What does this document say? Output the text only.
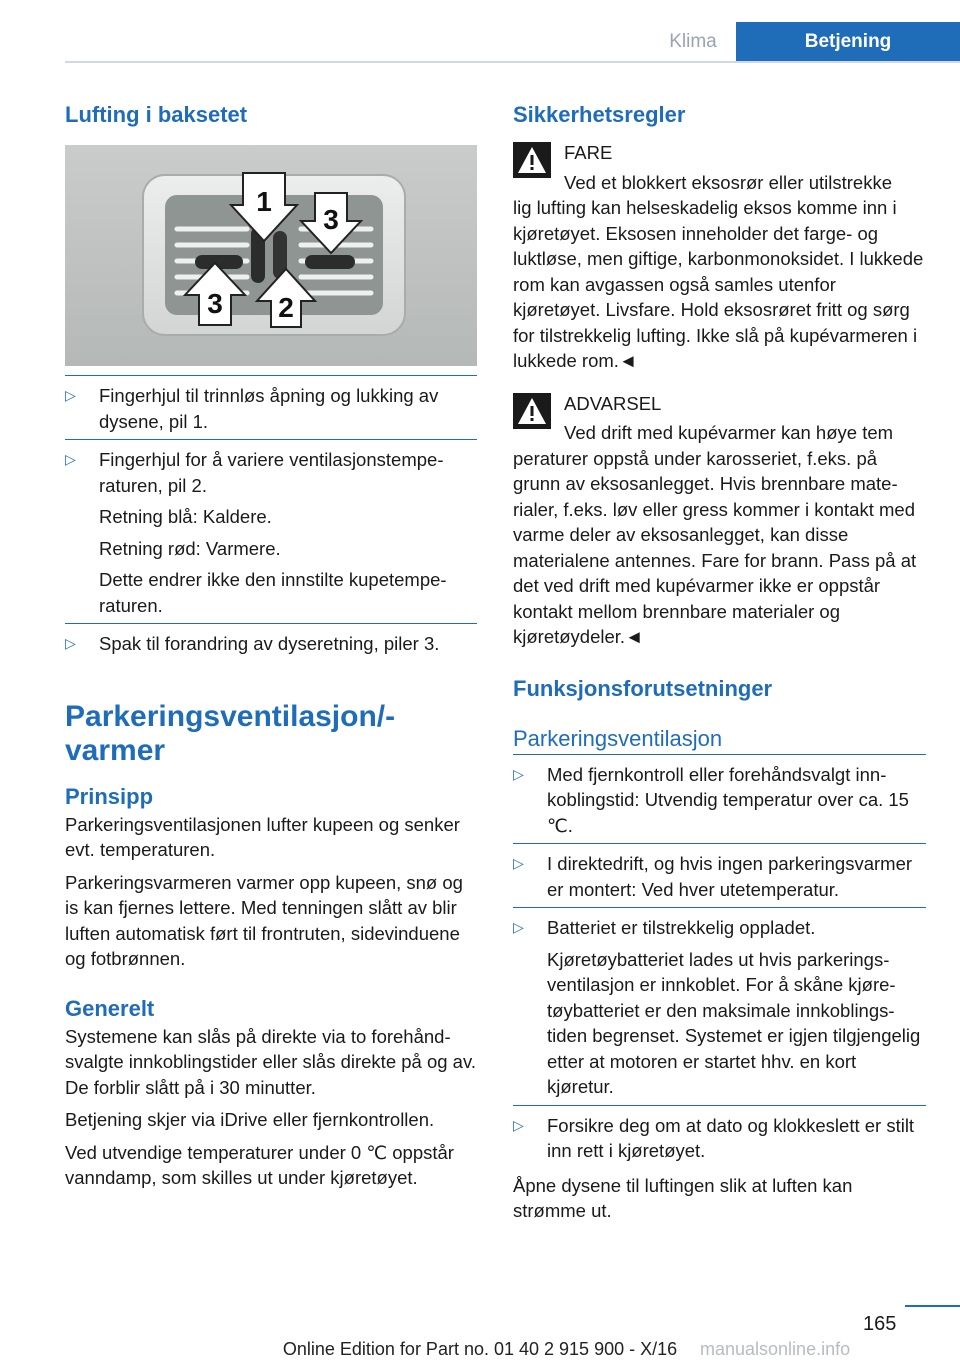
Klima	Betjening
Lufting i baksetet
1
2
3
3
▷ Fingerhjul til trinnløs åpning og lukking av dysene, pil 1.

▷ Fingerhjul for å variere ventilasjonstemperaturen, pil 2.

Retning blå: Kaldere.

Retning rød: Varmere.

Dette endrer ikke den innstilte kupetemperaturen.

▷ Spak til forandring av dyseretning, piler 3.

Parkeringsventilasjon/-varmer
Prinsipp

Parkeringsventilasjonen lufter kupeen og senker evt. temperaturen.

Parkeringsvarmeren varmer opp kupeen, snø og is kan fjernes lettere. Med tenningen slått av blir luften automatisk ført til frontruten, sidevinduene og fotbrønnen.

Generelt

Systemene kan slås på direkte via to forehåndsvalgte innkoblingstider eller slås direkte på og av. De forblir slått på i 30 minutter.

Betjening skjer via iDrive eller fjernkontrollen.

Ved utvendige temperaturer under 0 ℃ oppstår vanndamp, som skilles ut under kjøretøyet.

Sikkerhetsregler

FARE

Ved et blokkert eksosrør eller utilstrekke

lig lufting kan helseskadelig eksos komme inn i kjøretøyet. Eksosen inneholder det farge- og luktløse, men giftige, karbonmonoksidet. I lukkede rom kan avgassen også samles utenfor kjøretøyet. Livsfare. Hold eksosrøret fritt og sørg for tilstrekkelig lufting. Ikke slå på kupévarmeren i lukkede rom.◄

ADVARSEL

Ved drift med kupévarmer kan høye tem

peraturer oppstå under karosseriet, f.eks. på grunn av eksosanlegget. Hvis brennbare materialer, f.eks. løv eller gress kommer i kontakt med varme deler av eksosanlegget, kan disse materialene antennes. Fare for brann. Pass på at det ved drift med kupévarmer ikke er oppstår kontakt mellom brennbare materialer og kjøretøydeler.◄

Funksjonsforutsetninger
Parkeringsventilasjon
▷ Med fjernkontroll eller forehåndsvalgt innkoblingstid: Utvendig temperatur over ca. 15 ℃.

▷ I direktedrift, og hvis ingen parkeringsvarmer er montert: Ved hver utetemperatur.

▷ Batteriet er tilstrekkelig oppladet.

Kjøretøybatteriet lades ut hvis parkeringsventilasjon er innkoblet. For å skåne kjøretøybatteriet er den maksimale innkoblingstiden begrenset. Systemet er igjen tilgjengelig etter at motoren er startet hhv. en kort kjøretur.

▷ Forsikre deg om at dato og klokkeslett er stilt inn rett i kjøretøyet.

Åpne dysene til luftingen slik at luften kan strømme ut.

165
Online Edition for Part no. 01 40 2 915 900 - X/16	manualsonline.info
